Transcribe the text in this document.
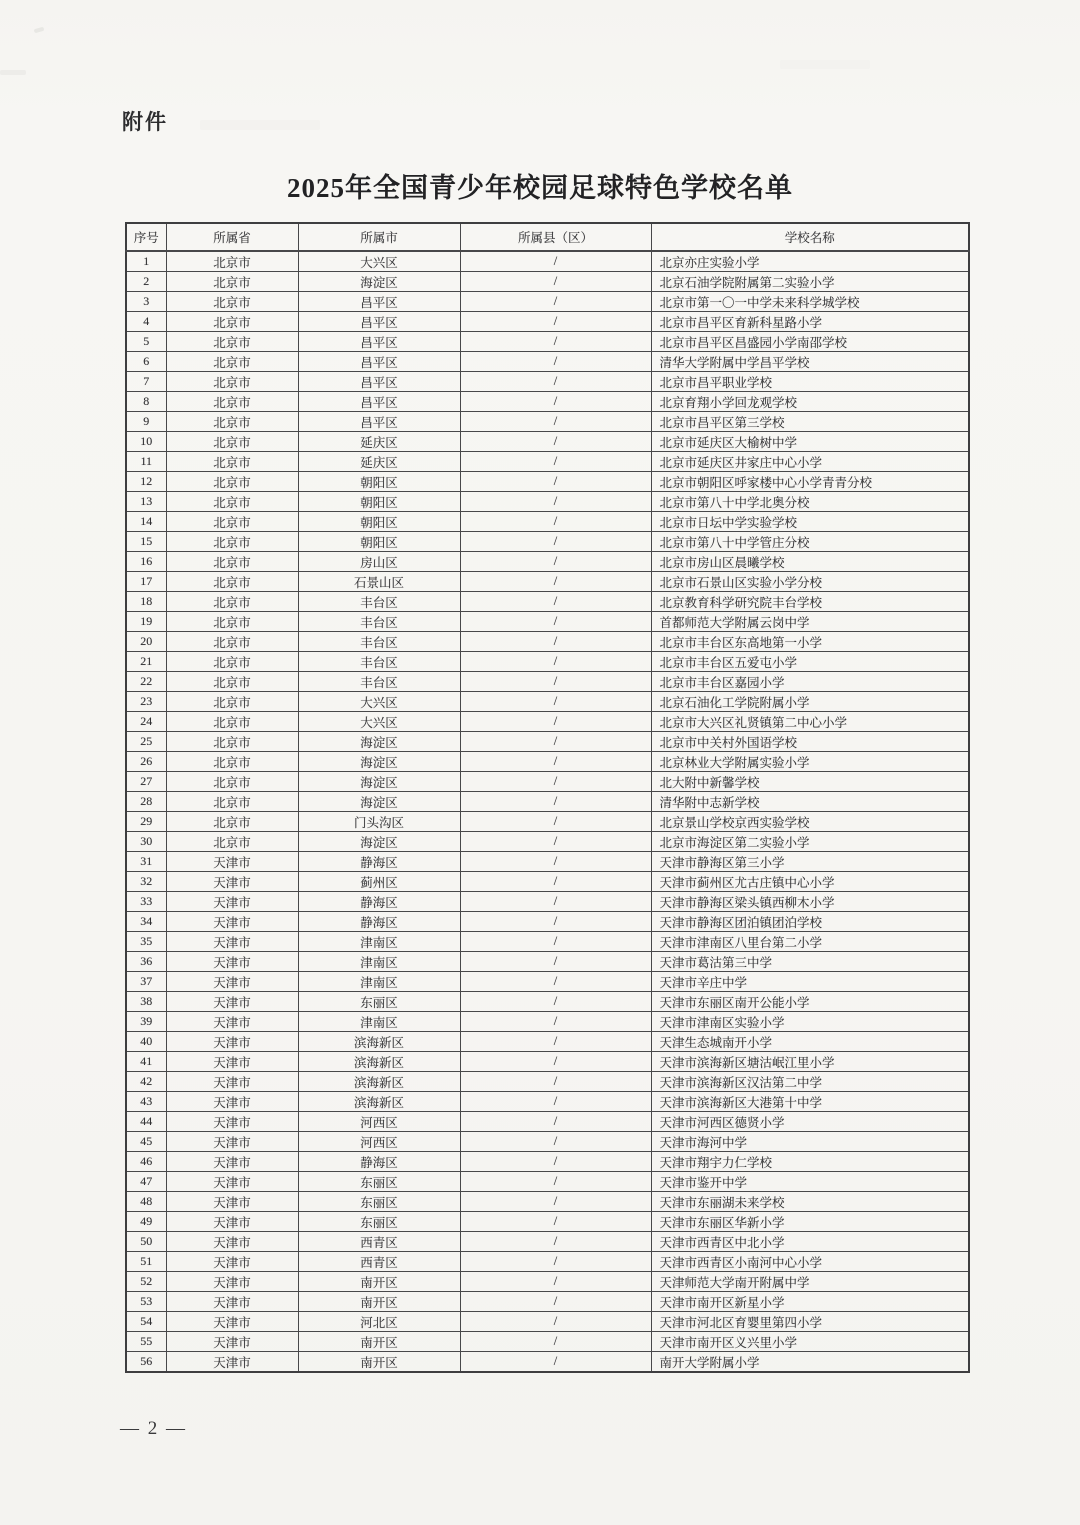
附件
2025年全国青少年校园足球特色学校名单
序号	所属省	所属市	所属县（区）	学校名称
1	北京市	大兴区	/	北京亦庄实验小学
2	北京市	海淀区	/	北京石油学院附属第二实验小学
3	北京市	昌平区	/	北京市第一〇一中学未来科学城学校
4	北京市	昌平区	/	北京市昌平区育新科星路小学
5	北京市	昌平区	/	北京市昌平区昌盛园小学南邵学校
6	北京市	昌平区	/	清华大学附属中学昌平学校
7	北京市	昌平区	/	北京市昌平职业学校
8	北京市	昌平区	/	北京育翔小学回龙观学校
9	北京市	昌平区	/	北京市昌平区第三学校
10	北京市	延庆区	/	北京市延庆区大榆树中学
11	北京市	延庆区	/	北京市延庆区井家庄中心小学
12	北京市	朝阳区	/	北京市朝阳区呼家楼中心小学青青分校
13	北京市	朝阳区	/	北京市第八十中学北奥分校
14	北京市	朝阳区	/	北京市日坛中学实验学校
15	北京市	朝阳区	/	北京市第八十中学管庄分校
16	北京市	房山区	/	北京市房山区晨曦学校
17	北京市	石景山区	/	北京市石景山区实验小学分校
18	北京市	丰台区	/	北京教育科学研究院丰台学校
19	北京市	丰台区	/	首都师范大学附属云岗中学
20	北京市	丰台区	/	北京市丰台区东高地第一小学
21	北京市	丰台区	/	北京市丰台区五爱屯小学
22	北京市	丰台区	/	北京市丰台区嘉园小学
23	北京市	大兴区	/	北京石油化工学院附属小学
24	北京市	大兴区	/	北京市大兴区礼贤镇第二中心小学
25	北京市	海淀区	/	北京市中关村外国语学校
26	北京市	海淀区	/	北京林业大学附属实验小学
27	北京市	海淀区	/	北大附中新馨学校
28	北京市	海淀区	/	清华附中志新学校
29	北京市	门头沟区	/	北京景山学校京西实验学校
30	北京市	海淀区	/	北京市海淀区第二实验小学
31	天津市	静海区	/	天津市静海区第三小学
32	天津市	蓟州区	/	天津市蓟州区尤古庄镇中心小学
33	天津市	静海区	/	天津市静海区梁头镇西柳木小学
34	天津市	静海区	/	天津市静海区团泊镇团泊学校
35	天津市	津南区	/	天津市津南区八里台第二小学
36	天津市	津南区	/	天津市葛沽第三中学
37	天津市	津南区	/	天津市辛庄中学
38	天津市	东丽区	/	天津市东丽区南开公能小学
39	天津市	津南区	/	天津市津南区实验小学
40	天津市	滨海新区	/	天津生态城南开小学
41	天津市	滨海新区	/	天津市滨海新区塘沽岷江里小学
42	天津市	滨海新区	/	天津市滨海新区汉沽第二中学
43	天津市	滨海新区	/	天津市滨海新区大港第十中学
44	天津市	河西区	/	天津市河西区德贤小学
45	天津市	河西区	/	天津市海河中学
46	天津市	静海区	/	天津市翔宇力仁学校
47	天津市	东丽区	/	天津市鉴开中学
48	天津市	东丽区	/	天津市东丽湖未来学校
49	天津市	东丽区	/	天津市东丽区华新小学
50	天津市	西青区	/	天津市西青区中北小学
51	天津市	西青区	/	天津市西青区小南河中心小学
52	天津市	南开区	/	天津师范大学南开附属中学
53	天津市	南开区	/	天津市南开区新星小学
54	天津市	河北区	/	天津市河北区育婴里第四小学
55	天津市	南开区	/	天津市南开区义兴里小学
56	天津市	南开区	/	南开大学附属小学
— 2 —
